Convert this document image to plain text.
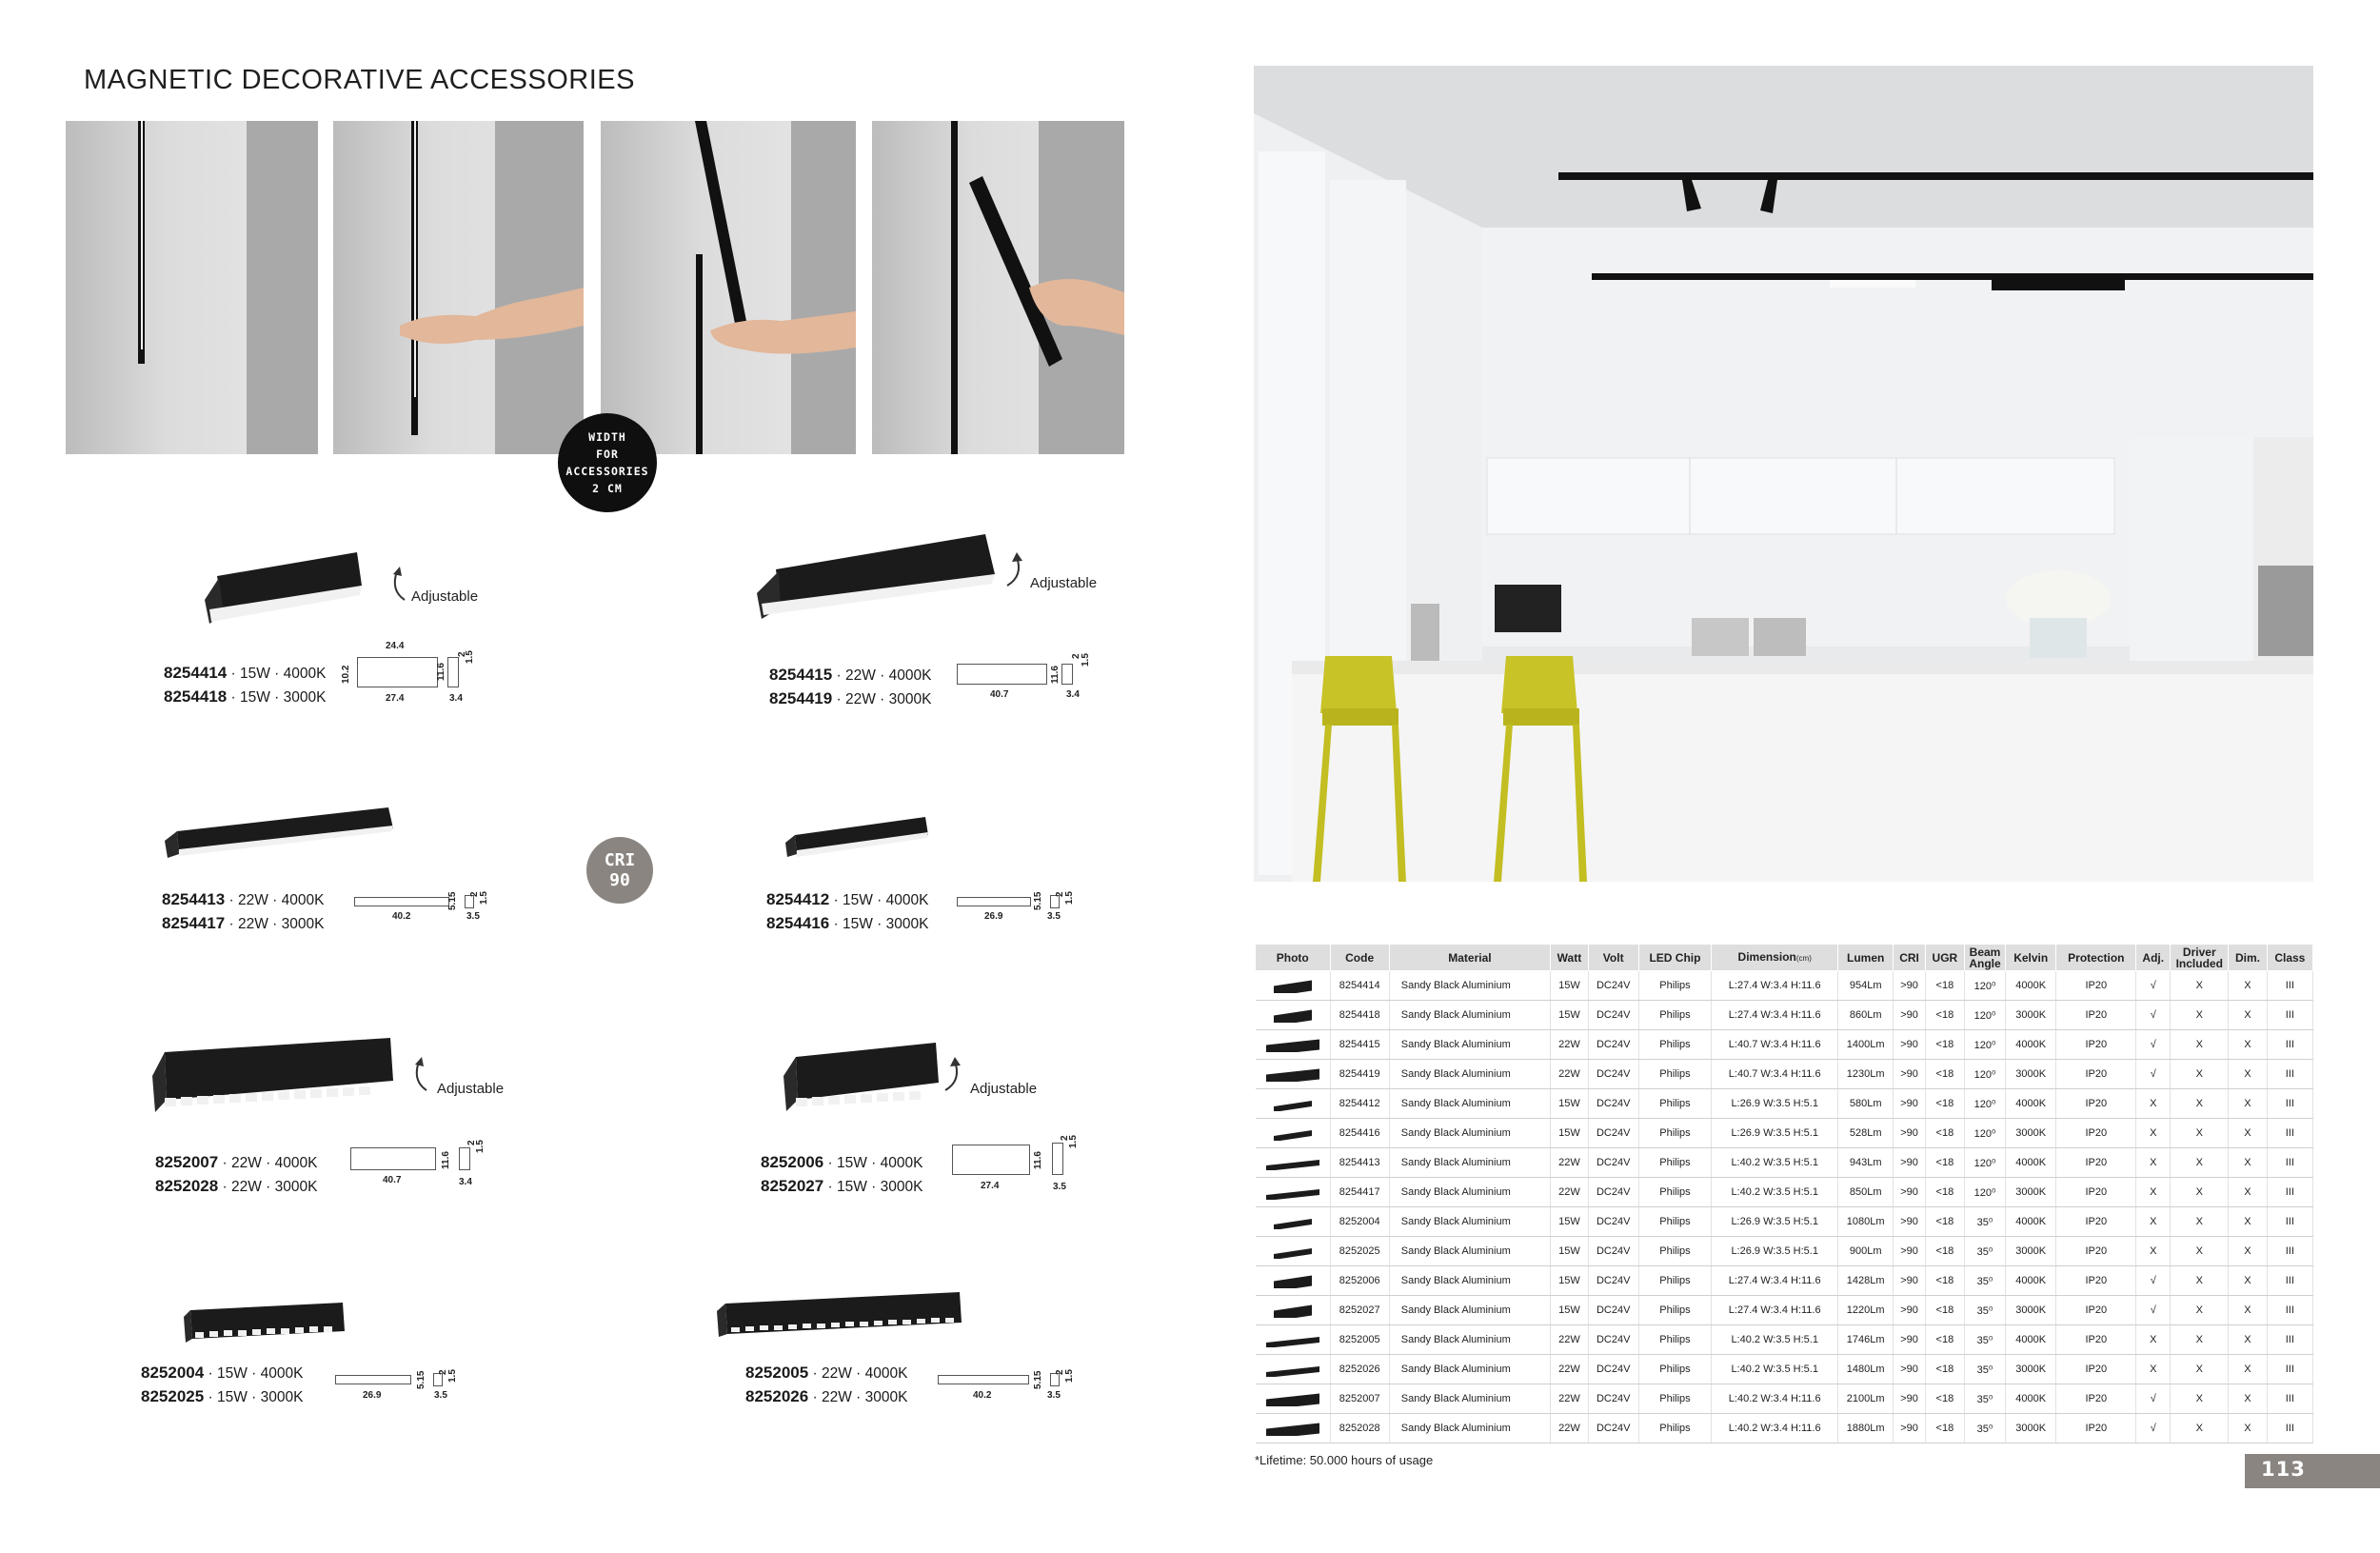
MAGNETIC DECORATIVE ACCESSORIES
WIDTH
FOR
ACCESSORIES
2 CM
CRI
90
Adjustable
8254414 · 15W · 4000K
8254418 · 15W · 3000K
24.4
10.2
27.4
11.6
2
1.5
3.4
Adjustable
8254415 · 22W · 4000K
8254419 · 22W · 3000K	40.7
11.6
2 1.5
3.4
8254413 · 22W · 4000K
8254417 · 22W · 3000K	40.2
5.15 2 1.5
3.5
8254412 · 15W · 4000K
8254416 · 15W · 3000K	26.9
5.15 2 1.5
3.5
Adjustable
8252007 · 22W · 4000K
8252028 · 22W · 3000K	40.7
11.6
2
1.5
3.4
Adjustable
8252006 · 15W · 4000K
8252027 · 15W · 3000K	27.4
11.6
2
1.5
3.5
8252004 · 15W · 4000K
8252025 · 15W · 3000K	26.9
5.15 2 1.5
3.5
8252005 · 22W · 4000K
8252026 · 22W · 3000K	40.2
5.15 2 1.5
3.5
Photo	Code	Material	Watt	Volt	LED Chip	Dimension(cm)	Lumen	CRI	UGR	Beam Angle	Kelvin	Protection	Adj.	Driver Included	Dim.	Class

	8254414	Sandy Black Aluminium	15W	DC24V	Philips	L:27.4 W:3.4 H:11.6	954Lm	>90	<18	120⁰	4000K	IP20	√	X	X	III

	8254418	Sandy Black Aluminium	15W	DC24V	Philips	L:27.4 W:3.4 H:11.6	860Lm	>90	<18	120⁰	3000K	IP20	√	X	X	III

	8254415	Sandy Black Aluminium	22W	DC24V	Philips	L:40.7 W:3.4 H:11.6	1400Lm	>90	<18	120⁰	4000K	IP20	√	X	X	III

	8254419	Sandy Black Aluminium	22W	DC24V	Philips	L:40.7 W:3.4 H:11.6	1230Lm	>90	<18	120⁰	3000K	IP20	√	X	X	III

	8254412	Sandy Black Aluminium	15W	DC24V	Philips	L:26.9 W:3.5 H:5.1	580Lm	>90	<18	120⁰	4000K	IP20	X	X	X	III

	8254416	Sandy Black Aluminium	15W	DC24V	Philips	L:26.9 W:3.5 H:5.1	528Lm	>90	<18	120⁰	3000K	IP20	X	X	X	III

	8254413	Sandy Black Aluminium	22W	DC24V	Philips	L:40.2 W:3.5 H:5.1	943Lm	>90	<18	120⁰	4000K	IP20	X	X	X	III

	8254417	Sandy Black Aluminium	22W	DC24V	Philips	L:40.2 W:3.5 H:5.1	850Lm	>90	<18	120⁰	3000K	IP20	X	X	X	III

	8252004	Sandy Black Aluminium	15W	DC24V	Philips	L:26.9 W:3.5 H:5.1	1080Lm	>90	<18	35⁰	4000K	IP20	X	X	X	III

	8252025	Sandy Black Aluminium	15W	DC24V	Philips	L:26.9 W:3.5 H:5.1	900Lm	>90	<18	35⁰	3000K	IP20	X	X	X	III

	8252006	Sandy Black Aluminium	15W	DC24V	Philips	L:27.4 W:3.4 H:11.6	1428Lm	>90	<18	35⁰	4000K	IP20	√	X	X	III

	8252027	Sandy Black Aluminium	15W	DC24V	Philips	L:27.4 W:3.4 H:11.6	1220Lm	>90	<18	35⁰	3000K	IP20	√	X	X	III

	8252005	Sandy Black Aluminium	22W	DC24V	Philips	L:40.2 W:3.5 H:5.1	1746Lm	>90	<18	35⁰	4000K	IP20	X	X	X	III

	8252026	Sandy Black Aluminium	22W	DC24V	Philips	L:40.2 W:3.5 H:5.1	1480Lm	>90	<18	35⁰	3000K	IP20	X	X	X	III

	8252007	Sandy Black Aluminium	22W	DC24V	Philips	L:40.2 W:3.4 H:11.6	2100Lm	>90	<18	35⁰	4000K	IP20	√	X	X	III

	8252028	Sandy Black Aluminium	22W	DC24V	Philips	L:40.2 W:3.4 H:11.6	1880Lm	>90	<18	35⁰	3000K	IP20	√	X	X	III
*Lifetime: 50.000 hours of usage	113
